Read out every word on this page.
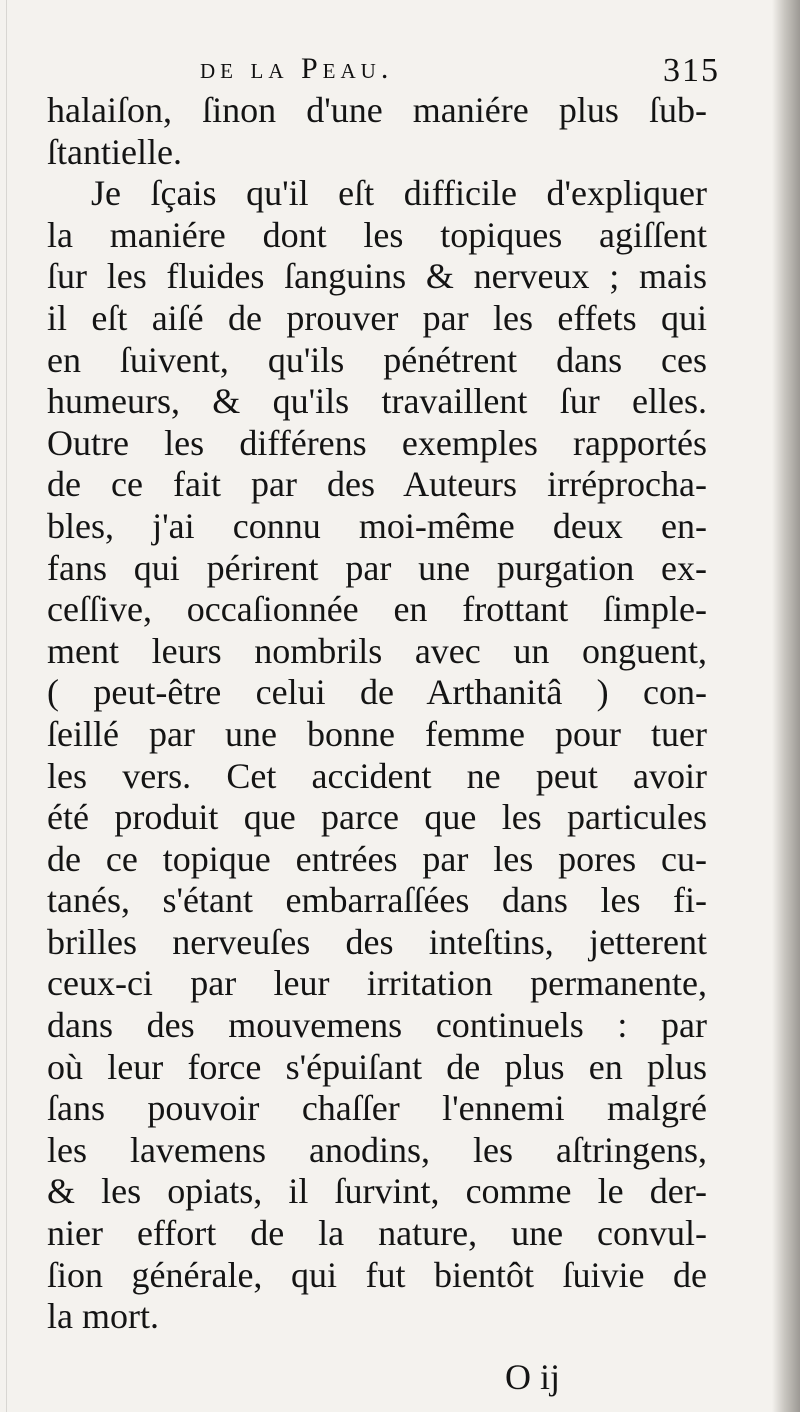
de la Peau.	315
halaiſon, ſinon d'une maniére plus ſub-
ſtantielle.
Je ſçais qu'il eſt difficile d'expliquer
la maniére dont les topiques agiſſent
ſur les fluides ſanguins & nerveux ; mais
il eſt aiſé de prouver par les effets qui
en ſuivent, qu'ils pénétrent dans ces
humeurs, & qu'ils travaillent ſur elles.
Outre les différens exemples rapportés
de ce fait par des Auteurs irréprocha-
bles, j'ai connu moi-même deux en-
fans qui périrent par une purgation ex-
ceſſive, occaſionnée en frottant ſimple-
ment leurs nombrils avec un onguent,
( peut-être celui de Arthanitâ ) con-
ſeillé par une bonne femme pour tuer
les vers. Cet accident ne peut avoir
été produit que parce que les particules
de ce topique entrées par les pores cu-
tanés, s'étant embarraſſées dans les fi-
brilles nerveuſes des inteſtins, jetterent
ceux-ci par leur irritation permanente,
dans des mouvemens continuels : par
où leur force s'épuiſant de plus en plus
ſans pouvoir chaſſer l'ennemi malgré
les lavemens anodins, les aſtringens,
& les opiats, il ſurvint, comme le der-
nier effort de la nature, une convul-
ſion générale, qui fut bientôt ſuivie de
la mort.
O ij
